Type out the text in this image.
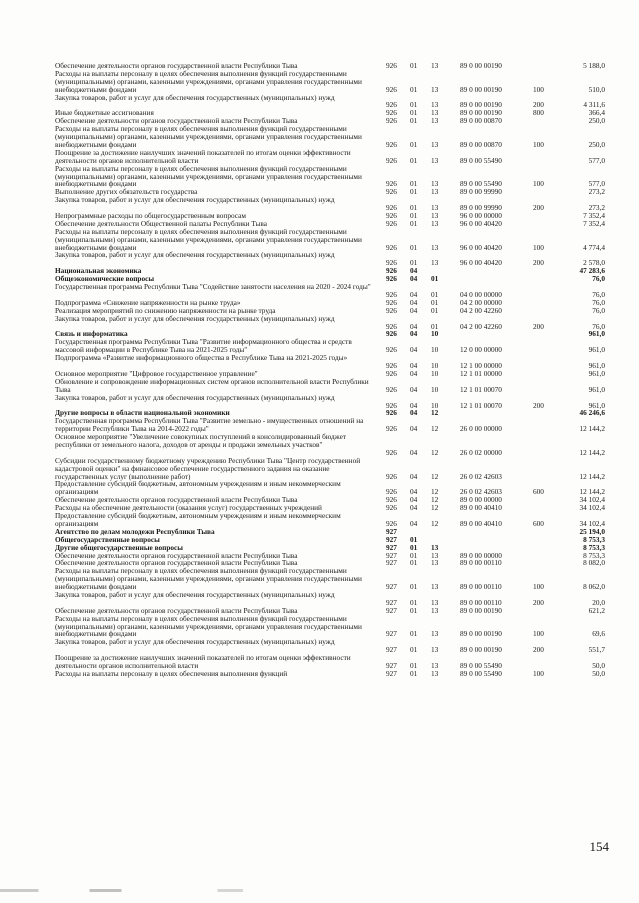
Обеспечение деятельности органов государственной власти Республики Тыва	926	01	13	89 0 00 00190	5 188,0
Расходы на выплаты персоналу в целях обеспечения выполнения функций государственными (муниципальными) органами, казенными учреждениями, органами управления государственными внебюджетными фондами	926	01	13	89 0 00 00190	100	510,0
Закупка товаров, работ и услуг для обеспечения государственных (муниципальных) нужд
926	01	13	89 0 00 00190	200	4 311,6
Иные бюджетные ассигнования	926	01	13	89 0 00 00190	800	366,4
Обеспечение деятельности органов государственной власти Республики Тыва	926	01	13	89 0 00 00870	250,0
Расходы на выплаты персоналу в целях обеспечения выполнения функций государственными (муниципальными) органами, казенными учреждениями, органами управления государственными внебюджетными фондами	926	01	13	89 0 00 00870	100	250,0
Поощрение за достижение наилучших значений показателей по итогам оценки эффективности деятельности органов исполнительной власти	926	01	13	89 0 00 55490	577,0
Расходы на выплаты персоналу в целях обеспечения выполнения функций государственными (муниципальными) органами, казенными учреждениями, органами управления государственными внебюджетными фондами	926	01	13	89 0 00 55490	100	577,0
Выполнение других обязательств государства	926	01	13	89 0 00 99990	273,2
Закупка товаров, работ и услуг для обеспечения государственных (муниципальных) нужд
926	01	13	89 0 00 99990	200	273,2
Непрограммные расходы по общегосударственным вопросам	926	01	13	96 0 00 00000	7 352,4
Обеспечение деятельности Общественной палаты Республики Тыва	926	01	13	96 0 00 40420	7 352,4
Расходы на выплаты персоналу в целях обеспечения выполнения функций государственными (муниципальными) органами, казенными учреждениями, органами управления государственными внебюджетными фондами	926	01	13	96 0 00 40420	100	4 774,4
Закупка товаров, работ и услуг для обеспечения государственных (муниципальных) нужд
926	01	13	96 0 00 40420	200	2 578,0
Национальная экономика	926	04	47 283,6
Общеэкономические вопросы	926	04	01	76,0
Государственная программа Республики Тыва "Содействие занятости населения на 2020 - 2024 годы"
926	04	01	04 0 00 00000	76,0
Подпрограмма «Снижение напряженности на рынке труда»	926	04	01	04 2 00 00000	76,0
Реализация мероприятий по снижению напряженности на рынке труда	926	04	01	04 2 00 42260	76,0
Закупка товаров, работ и услуг для обеспечения государственных (муниципальных) нужд
926	04	01	04 2 00 42260	200	76,0
Связь и информатика	926	04	10	961,0
Государственная программа Республики Тыва "Развитие информационного общества и средств массовой информации в Республике Тыва на 2021-2025 годы"	926	04	10	12 0 00 00000	961,0
Подпрограмма «Развитие информационного общества в Республике Тыва на 2021-2025 годы»
926	04	10	12 1 00 00000	961,0
Основное мероприятие "Цифровое государственное управление"	926	04	10	12 1 01 00000	961,0
Обновление и сопровождение информационных систем органов исполнительной власти Республики Тыва	926	04	10	12 1 01 00070	961,0
Закупка товаров, работ и услуг для обеспечения государственных (муниципальных) нужд
926	04	10	12 1 01 00070	200	961,0
Другие вопросы в области национальной экономики	926	04	12	46 246,6
Государственная программа Республики Тыва "Развитие земельно - имущественных отношений на территории Республики Тыва на 2014-2022 годы"	926	04	12	26 0 00 00000	12 144,2
Основное мероприятие "Увеличение совокупных поступлений в консолидированный бюджет республики от земельного налога, доходов от аренды и продажи земельных участков"
926	04	12	26 0 02 00000	12 144,2
Субсидии государственному бюджетному учреждению Республики Тыва "Центр государственной кадастровой оценки" на финансовое обеспечение государственного задания на оказание государственных услуг (выполнение работ)	926	04	12	26 0 02 42603	12 144,2
Предоставление субсидий бюджетным, автономным учреждениям и иным некоммерческим организациям	926	04	12	26 0 02 42603	600	12 144,2
Обеспечение деятельности органов государственной власти Республики Тыва	926	04	12	89 0 00 00000	34 102,4
Расходы на обеспечение деятельности (оказания услуг) государственных учреждений	926	04	12	89 0 00 40410	34 102,4
Предоставление субсидий бюджетным, автономным учреждениям и иным некоммерческим организациям	926	04	12	89 0 00 40410	600	34 102,4
Агентство по делам молодежи Республики Тыва	927	25 194,0
Общегосударственные вопросы	927	01	8 753,3
Другие общегосударственные вопросы	927	01	13	8 753,3
Обеспечение деятельности органов государственной власти Республики Тыва	927	01	13	89 0 00 00000	8 753,3
Обеспечение деятельности органов государственной власти Республики Тыва	927	01	13	89 0 00 00110	8 082,0
Расходы на выплаты персоналу в целях обеспечения выполнения функций государственными (муниципальными) органами, казенными учреждениями, органами управления государственными внебюджетными фондами	927	01	13	89 0 00 00110	100	8 062,0
Закупка товаров, работ и услуг для обеспечения государственных (муниципальных) нужд
927	01	13	89 0 00 00110	200	20,0
Обеспечение деятельности органов государственной власти Республики Тыва	927	01	13	89 0 00 00190	621,2
Расходы на выплаты персоналу в целях обеспечения выполнения функций государственными (муниципальными) органами, казенными учреждениями, органами управления государственными внебюджетными фондами	927	01	13	89 0 00 00190	100	69,6
Закупка товаров, работ и услуг для обеспечения государственных (муниципальных) нужд
927	01	13	89 0 00 00190	200	551,7
Поощрение за достижение наилучших значений показателей по итогам оценки эффективности деятельности органов исполнительной власти	927	01	13	89 0 00 55490	50,0
Расходы на выплаты персоналу в целях обеспечения выполнения функций	927	01	13	89 0 00 55490	100	50,0
154
